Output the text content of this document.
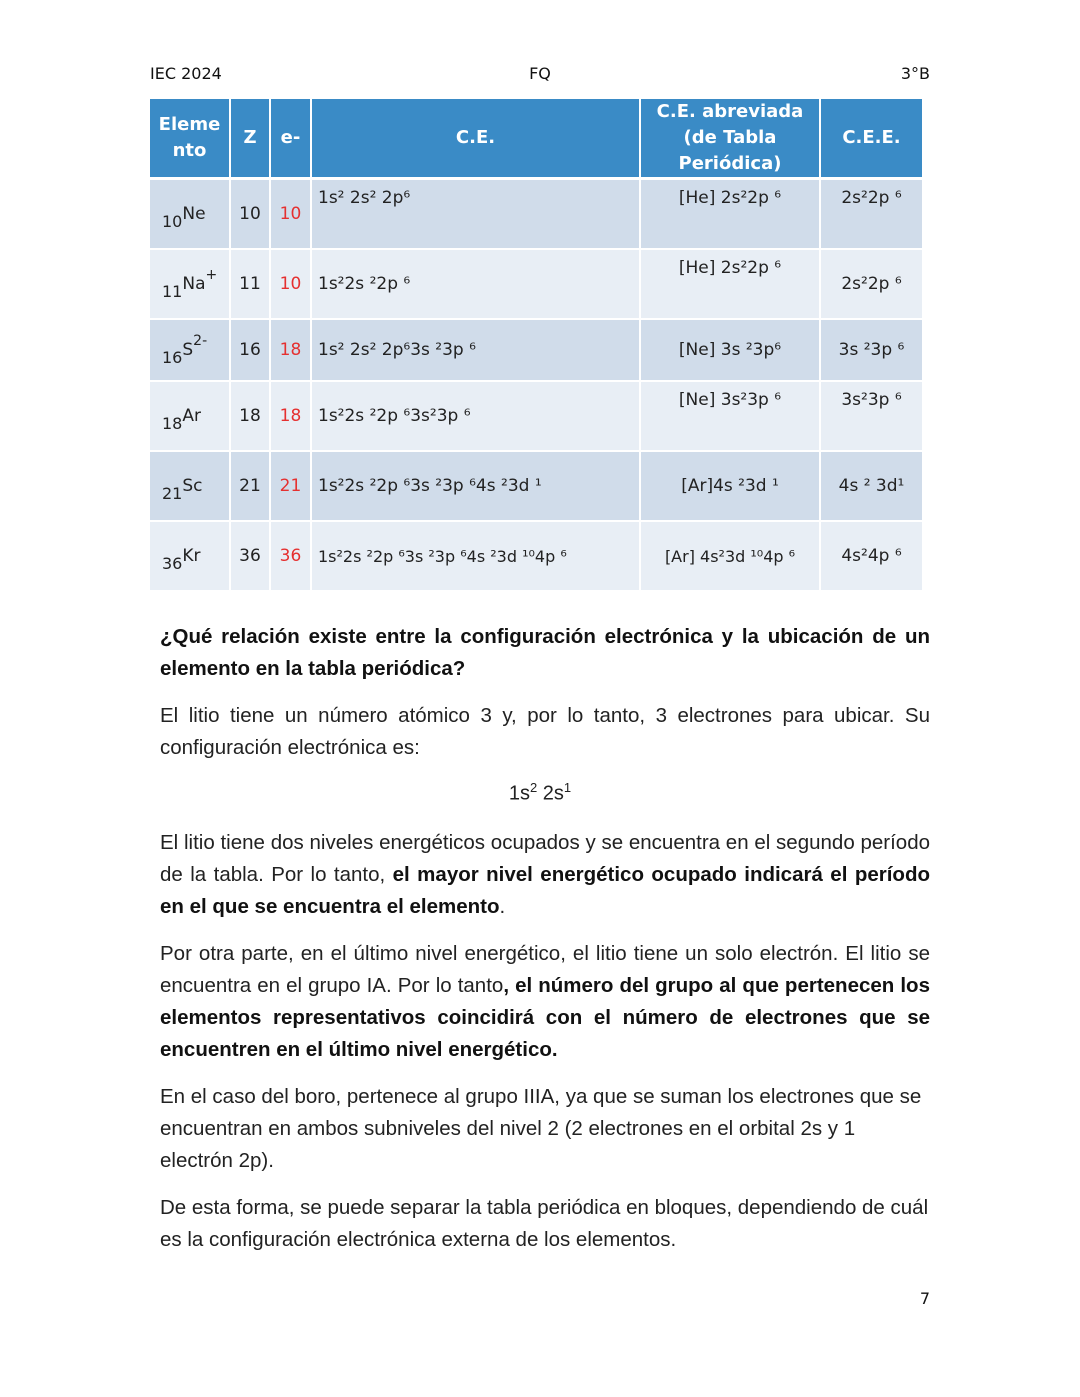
IEC 2024	FQ	3°B
Eleme nto	Z	e-	C.E.	C.E. abreviada (de Tabla Periódica)	C.E.E.
$_{10}$Ne	10	10	1s² 2s² 2p⁶	[He] 2s²2p ⁶	2s²2p ⁶
$_{11}$Na+	11	10	1s²2s ²2p ⁶	[He] 2s²2p ⁶	2s²2p ⁶
$_{16}S^{2-}$	16	18	1s² 2s² 2p⁶3s ²3p ⁶	[Ne] 3s ²3p⁶	3s ²3p ⁶
$_{18}$Ar	18	18	1s²2s ²2p ⁶3s²3p ⁶	[Ne] 3s²3p ⁶	3s²3p ⁶
$_{21}$Sc	21	21	1s²2s ²2p ⁶3s ²3p ⁶4s ²3d ¹	[Ar]4s ²3d ¹	4s ² 3d¹
$_{36}$Kr	36	36	1s²2s ²2p ⁶3s ²3p ⁶4s ²3d ¹⁰4p ⁶	[Ar] 4s²3d ¹⁰4p ⁶	4s²4p ⁶
¿Qué relación existe entre la configuración electrónica y la ubicación de un elemento en la tabla periódica?
El litio tiene un número atómico 3 y, por lo tanto, 3 electrones para ubicar. Su configuración electrónica es:
$1s^2$ $2s^1$
El litio tiene dos niveles energéticos ocupados y se encuentra en el segundo período de la tabla. Por lo tanto, el mayor nivel energético ocupado indicará el período en el que se encuentra el elemento.
Por otra parte, en el último nivel energético, el litio tiene un solo electrón. El litio se encuentra en el grupo IA. Por lo tanto, el número del grupo al que pertenecen los elementos representativos coincidirá con el número de electrones que se encuentren en el último nivel energético.
En el caso del boro, pertenece al grupo IIIA, ya que se suman los electrones que se encuentran en ambos subniveles del nivel 2 (2 electrones en el orbital 2s y 1 electrón 2p).
De esta forma, se puede separar la tabla periódica en bloques, dependiendo de cuál es la configuración electrónica externa de los elementos.
7
